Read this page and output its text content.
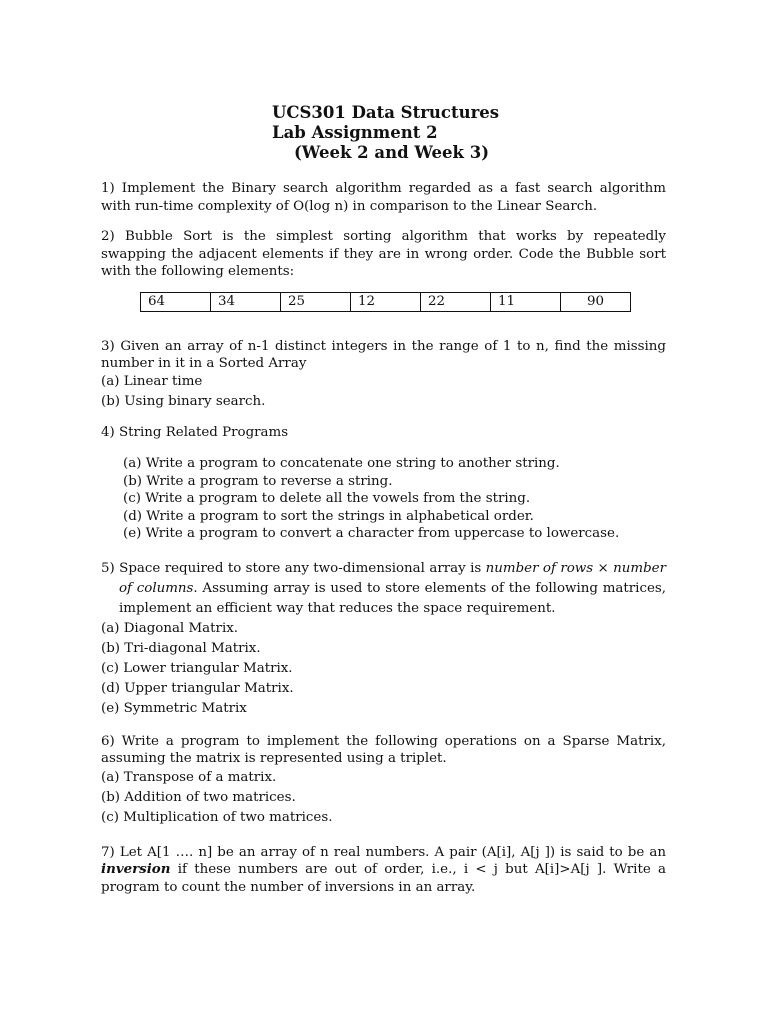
UCS301 Data Structures
Lab Assignment 2
(Week 2 and Week 3)

1) Implement the Binary search algorithm regarded as a fast search algorithm with run-time complexity of O(log n) in comparison to the Linear Search.

2) Bubble Sort is the simplest sorting algorithm that works by repeatedly swapping the adjacent elements if they are in wrong order. Code the Bubble sort with the following elements:

64	34	25	12	22	11	90

3) Given an array of n-1 distinct integers in the range of 1 to n, find the missing number in it in a Sorted Array

(a) Linear time
(b) Using binary search.
4) String Related Programs
(a) Write a program to concatenate one string to another string.
(b) Write a program to reverse a string.
(c) Write a program to delete all the vowels from the string.
(d) Write a program to sort the strings in alphabetical order.
(e) Write a program to convert a character from uppercase to lowercase.
5) Space required to store any two-dimensional array is number of rows × number of columns. Assuming array is used to store elements of the following matrices, implement an efficient way that reduces the space requirement.
(a) Diagonal Matrix.
(b) Tri-diagonal Matrix.
(c) Lower triangular Matrix.
(d) Upper triangular Matrix.
(e) Symmetric Matrix

6) Write a program to implement the following operations on a Sparse Matrix, assuming the matrix is represented using a triplet.

(a) Transpose of a matrix.
(b) Addition of two matrices.
(c) Multiplication of two matrices.

7) Let A[1 …. n] be an array of n real numbers. A pair (A[i], A[j ]) is said to be an inversion if these numbers are out of order, i.e., i < j but A[i]>A[j ]. Write a program to count the number of inversions in an array.
